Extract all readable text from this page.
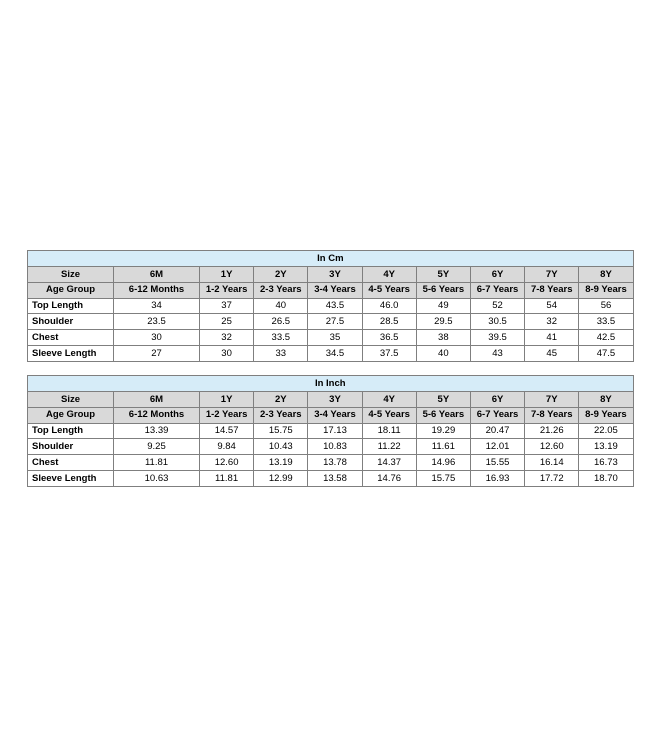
In Cm									
Size	6M	1Y	2Y	3Y	4Y	5Y	6Y	7Y	8Y
Age Group	6-12 Months	1-2 Years	2-3 Years	3-4 Years	4-5 Years	5-6 Years	6-7 Years	7-8 Years	8-9 Years
Top Length	34	37	40	43.5	46.0	49	52	54	56
Shoulder	23.5	25	26.5	27.5	28.5	29.5	30.5	32	33.5
Chest	30	32	33.5	35	36.5	38	39.5	41	42.5
Sleeve Length	27	30	33	34.5	37.5	40	43	45	47.5
In Inch									
Size	6M	1Y	2Y	3Y	4Y	5Y	6Y	7Y	8Y
Age Group	6-12 Months	1-2 Years	2-3 Years	3-4 Years	4-5 Years	5-6 Years	6-7 Years	7-8 Years	8-9 Years
Top Length	13.39	14.57	15.75	17.13	18.11	19.29	20.47	21.26	22.05
Shoulder	9.25	9.84	10.43	10.83	11.22	11.61	12.01	12.60	13.19
Chest	11.81	12.60	13.19	13.78	14.37	14.96	15.55	16.14	16.73
Sleeve Length	10.63	11.81	12.99	13.58	14.76	15.75	16.93	17.72	18.70
